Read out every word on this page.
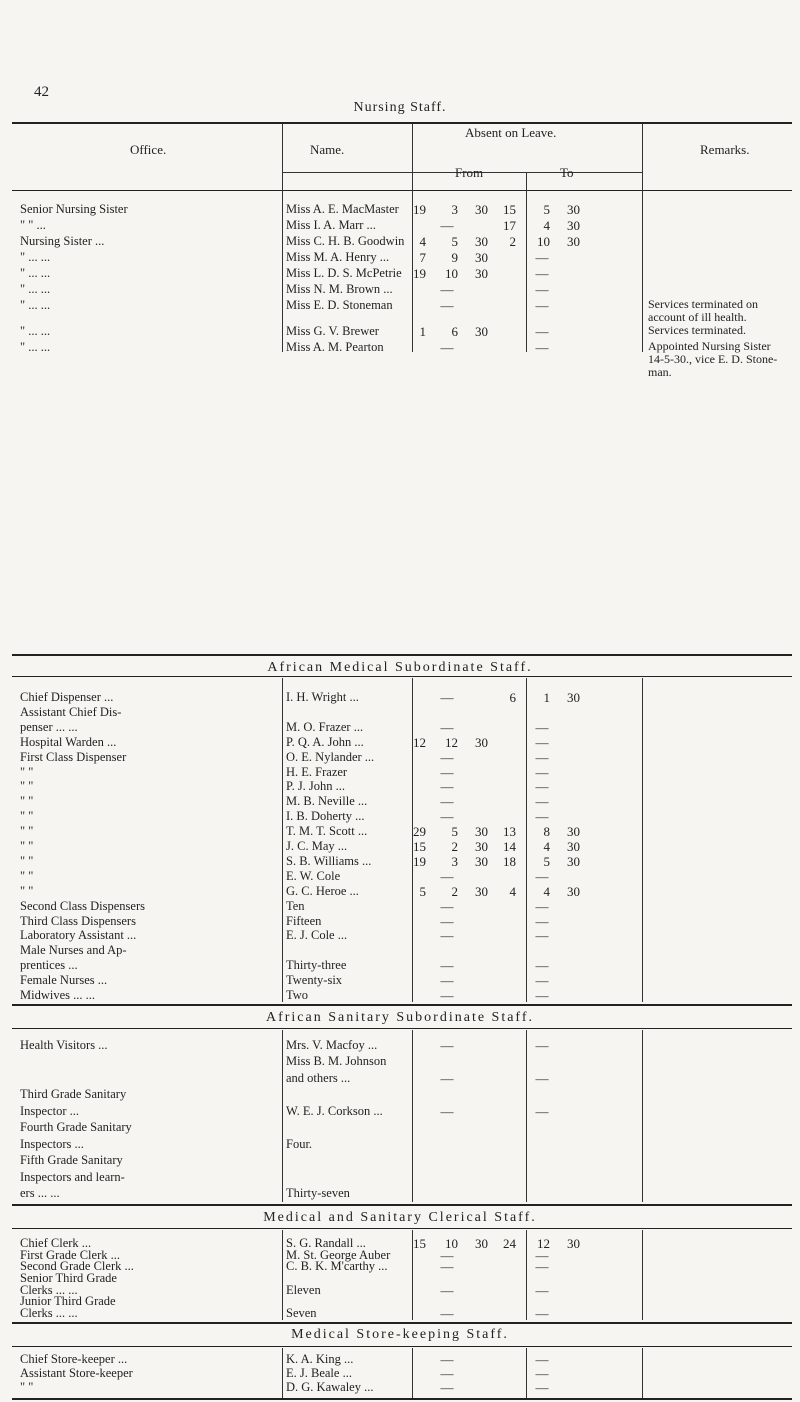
42
Nursing Staff.
Office.	Name.
Absent on Leave.
From	To
Remarks.
African Medical Subordinate Staff.
African Sanitary Subordinate Staff.
Medical and Sanitary Clerical Staff.
Medical Store-keeping Staff.
Senior Nursing Sister	Miss A. E. MacMaster	19	3	30	15	5	30
" " ...	Miss I. A. Marr ...	—	17	4	30
Nursing Sister ...	Miss C. H. B. Goodwin	4	5	30	2	10	30
" ... ...	Miss M. A. Henry ...	7	9	30	—
" ... ...	Miss L. D. S. McPetrie 19	10	30	—
" ... ...	Miss N. M. Brown ...	—	—
" ... ...	Miss E. D. Stoneman	—	—	Services terminated on
account of ill health.
" ... ...	Miss G. V. Brewer	1	6	30	—	Services terminated.
" ... ...	Miss A. M. Pearton	—	—	Appointed Nursing Sister
14-5-30., vice E. D. Stone-
man.
Chief Dispenser ...	I. H. Wright ...	—	6	1	30
Assistant Chief Dis-
penser ... ...	M. O. Frazer ...	—	—
Hospital Warden ...	P. Q. A. John ...	12	12	30	—
First Class Dispenser	O. E. Nylander ...	—	—
" "	H. E. Frazer	—	—
" "	P. J. John ...	—	—
" "	M. B. Neville ...	—	—
" "	I. B. Doherty ...	—	—
" "	T. M. T. Scott ...	29	5	30	13	8	30
" "	J. C. May ...	15	2	30	14	4	30
" "	S. B. Williams ...	19	3	30	18	5	30
" "	E. W. Cole	—	—
" "	G. C. Heroe ...	5	2	30	4	4	30
Second Class Dispensers	Ten	—	—
Third Class Dispensers	Fifteen	—	—
Laboratory Assistant ...	E. J. Cole ...	—	—
Male Nurses and Ap-
prentices ...	Thirty-three	—	—
Female Nurses ...	Twenty-six	—	—
Midwives ... ...	Two	—	—
Health Visitors ...	Mrs. V. Macfoy ...	—	—
Miss B. M. Johnson
and others ...	—	—
Third Grade Sanitary
Inspector ...	W. E. J. Corkson ...	—	—
Fourth Grade Sanitary
Inspectors ...	Four.
Fifth Grade Sanitary
Inspectors and learn-
ers ... ...	Thirty-seven
Chief Clerk ...	S. G. Randall ...	15	10	30	24	12	30
First Grade Clerk ...	M. St. George Auber	—	—
Second Grade Clerk ...	C. B. K. M'carthy ...	—	—
Senior Third Grade
Clerks ... ...	Eleven	—	—
Junior Third Grade
Clerks ... ...	Seven	—	—
Chief Store-keeper ...	K. A. King ...	—	—
Assistant Store-keeper	E. J. Beale ...	—	—
" "	D. G. Kawaley ...	—	—
